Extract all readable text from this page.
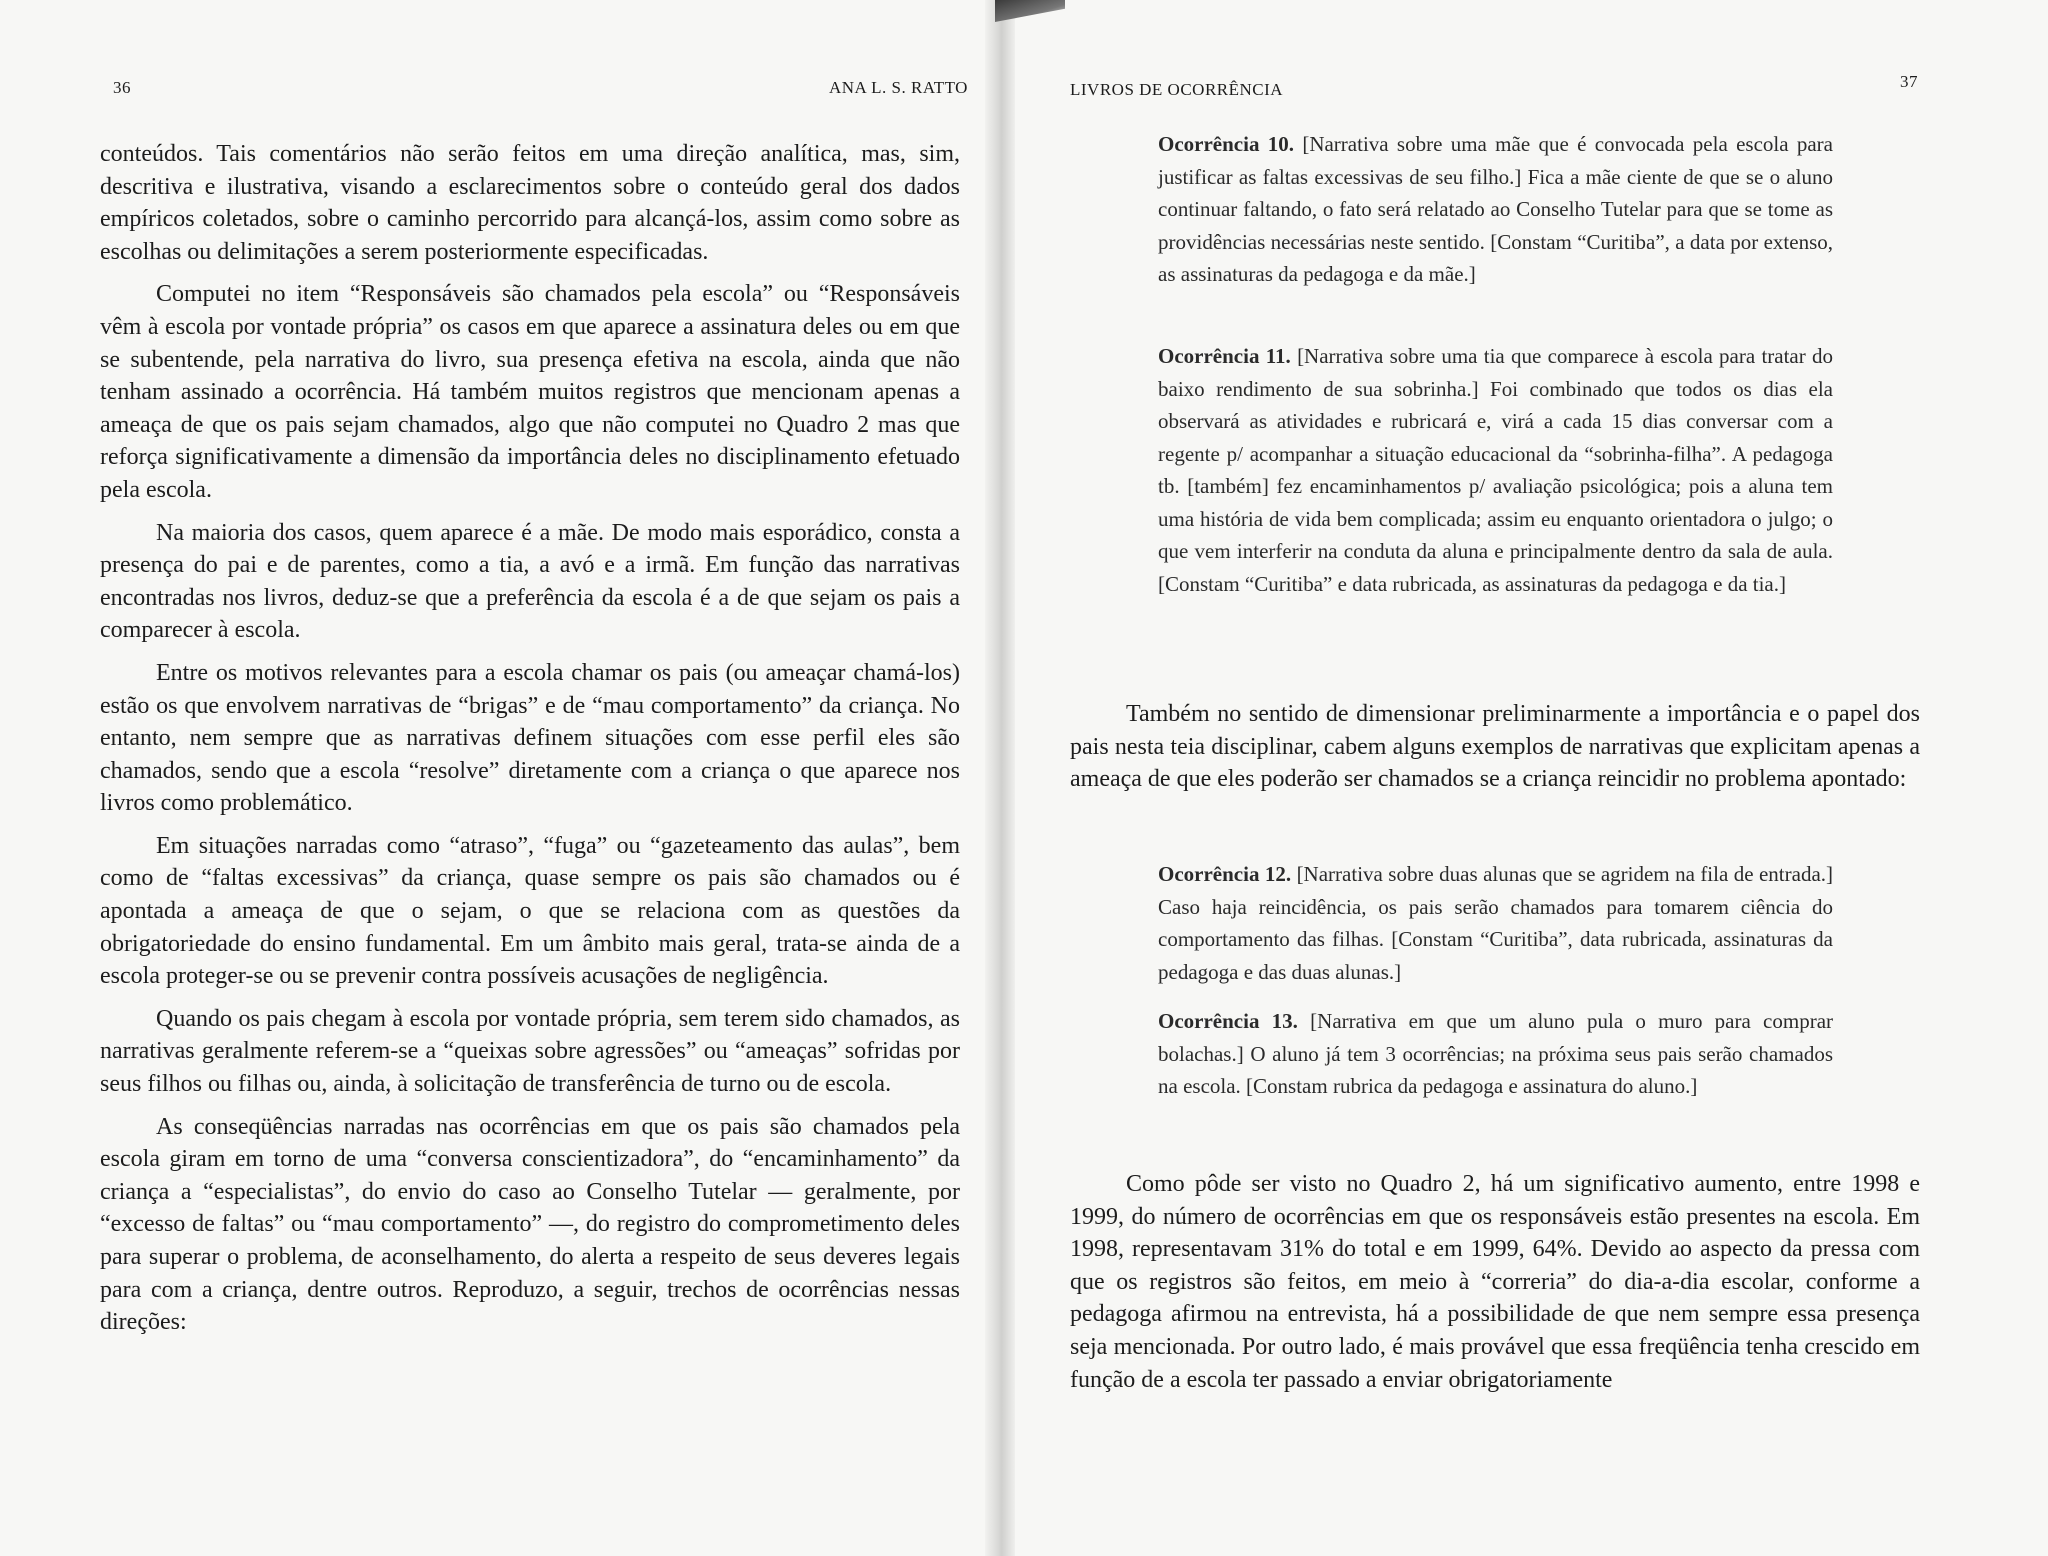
36	ANA L. S. RATTO

conteúdos. Tais comentários não serão feitos em uma direção analítica, mas, sim, descritiva e ilustrativa, visando a esclarecimentos sobre o conteúdo geral dos dados empíricos coletados, sobre o caminho percorrido para alcançá-los, assim como sobre as escolhas ou delimitações a serem posteriormente especificadas.

Computei no item “Responsáveis são chamados pela escola” ou “Responsáveis vêm à escola por vontade própria” os casos em que aparece a assinatura deles ou em que se subentende, pela narrativa do livro, sua presença efetiva na escola, ainda que não tenham assinado a ocorrência. Há também muitos registros que mencionam apenas a ameaça de que os pais sejam chamados, algo que não computei no Quadro 2 mas que reforça significativamente a dimensão da importância deles no disciplinamento efetuado pela escola.

Na maioria dos casos, quem aparece é a mãe. De modo mais esporádico, consta a presença do pai e de parentes, como a tia, a avó e a irmã. Em função das narrativas encontradas nos livros, deduz-se que a preferência da escola é a de que sejam os pais a comparecer à escola.

Entre os motivos relevantes para a escola chamar os pais (ou ameaçar chamá-los) estão os que envolvem narrativas de “brigas” e de “mau comportamento” da criança. No entanto, nem sempre que as narrativas definem situações com esse perfil eles são chamados, sendo que a escola “resolve” diretamente com a criança o que aparece nos livros como problemático.

Em situações narradas como “atraso”, “fuga” ou “gazeteamento das aulas”, bem como de “faltas excessivas” da criança, quase sempre os pais são chamados ou é apontada a ameaça de que o sejam, o que se relaciona com as questões da obrigatoriedade do ensino fundamental. Em um âmbito mais geral, trata-se ainda de a escola proteger-se ou se prevenir contra possíveis acusações de negligência.

Quando os pais chegam à escola por vontade própria, sem terem sido chamados, as narrativas geralmente referem-se a “queixas sobre agressões” ou “ameaças” sofridas por seus filhos ou filhas ou, ainda, à solicitação de transferência de turno ou de escola.

As conseqüências narradas nas ocorrências em que os pais são chamados pela escola giram em torno de uma “conversa conscientizadora”, do “encaminhamento” da criança a “especialistas”, do envio do caso ao Conselho Tutelar — geralmente, por “excesso de faltas” ou “mau comportamento” —, do registro do comprometimento deles para superar o problema, de aconselhamento, do alerta a respeito de seus deveres legais para com a criança, dentre outros. Reproduzo, a seguir, trechos de ocorrências nessas direções:

LIVROS DE OCORRÊNCIA	37

Ocorrência 10. [Narrativa sobre uma mãe que é convocada pela escola para justificar as faltas excessivas de seu filho.] Fica a mãe ciente de que se o aluno continuar faltando, o fato será relatado ao Conselho Tutelar para que se tome as providências necessárias neste sentido. [Constam “Curitiba”, a data por extenso, as assinaturas da pedagoga e da mãe.]

Ocorrência 11. [Narrativa sobre uma tia que comparece à escola para tratar do baixo rendimento de sua sobrinha.] Foi combinado que todos os dias ela observará as atividades e rubricará e, virá a cada 15 dias conversar com a regente p/ acompanhar a situação educacional da “sobrinha-filha”. A pedagoga tb. [também] fez encaminhamentos p/ avaliação psicológica; pois a aluna tem uma história de vida bem complicada; assim eu enquanto orientadora o julgo; o que vem interferir na conduta da aluna e principalmente dentro da sala de aula. [Constam “Curitiba” e data rubricada, as assinaturas da pedagoga e da tia.]

Também no sentido de dimensionar preliminarmente a importância e o papel dos pais nesta teia disciplinar, cabem alguns exemplos de narrativas que explicitam apenas a ameaça de que eles poderão ser chamados se a criança reincidir no problema apontado:

Ocorrência 12. [Narrativa sobre duas alunas que se agridem na fila de entrada.] Caso haja reincidência, os pais serão chamados para tomarem ciência do comportamento das filhas. [Constam “Curitiba”, data rubricada, assinaturas da pedagoga e das duas alunas.]

Ocorrência 13. [Narrativa em que um aluno pula o muro para comprar bolachas.] O aluno já tem 3 ocorrências; na próxima seus pais serão chamados na escola. [Constam rubrica da pedagoga e assinatura do aluno.]

Como pôde ser visto no Quadro 2, há um significativo aumento, entre 1998 e 1999, do número de ocorrências em que os responsáveis estão presentes na escola. Em 1998, representavam 31% do total e em 1999, 64%. Devido ao aspecto da pressa com que os registros são feitos, em meio à “correria” do dia-a-dia escolar, conforme a pedagoga afirmou na entrevista, há a possibilidade de que nem sempre essa presença seja mencionada. Por outro lado, é mais provável que essa freqüência tenha crescido em função de a escola ter passado a enviar obrigatoriamente
